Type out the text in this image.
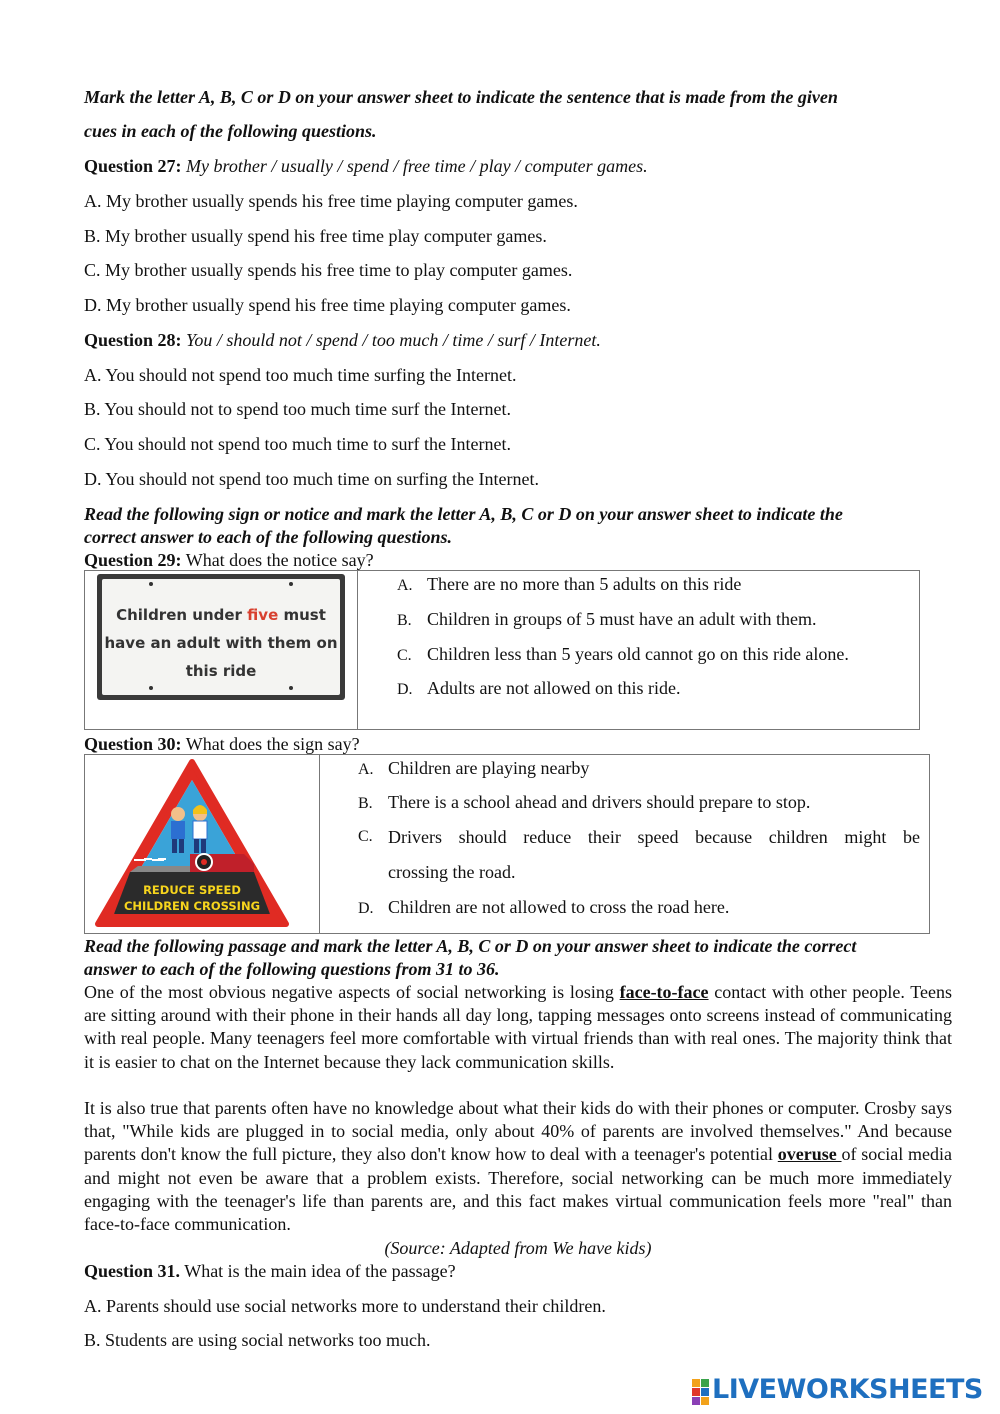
Mark the letter A, B, C or D on your answer sheet to indicate the sentence that is made from the given
cues in each of the following questions.
Question 27: My brother / usually / spend / free time / play / computer games.
A. My brother usually spends his free time playing computer games.
B. My brother usually spend his free time play computer games.
C. My brother usually spends his free time to play computer games.
D. My brother usually spend his free time playing computer games.
Question 28: You / should not / spend / too much / time / surf / Internet.
A. You should not spend too much time surfing the Internet.
B. You should not to spend too much time surf the Internet.
C. You should not spend too much time to surf the Internet.
D. You should not spend too much time on surfing the Internet.
Read the following sign or notice and mark the letter A, B, C or D on your answer sheet to indicate the
correct answer to each of the following questions.
Question 29: What does the notice say?
Children under five must
have an adult with them on
this ride
A. There are no more than 5 adults on this ride
B. Children in groups of 5 must have an adult with them.
C. Children less than 5 years old cannot go on this ride alone.
D. Adults are not allowed on this ride.
Question 30: What does the sign say?
REDUCE SPEED
CHILDREN CROSSING
A. Children are playing nearby
B. There is a school ahead and drivers should prepare to stop.
C. Drivers should reduce their speed because children might be
crossing the road.
D. Children are not allowed to cross the road here.
Read the following passage and mark the letter A, B, C or D on your answer sheet to indicate the correct
answer to each of the following questions from 31 to 36.
One of the most obvious negative aspects of social networking is losing face-to-face contact with other people. Teens are sitting around with their phone in their hands all day long, tapping messages onto screens instead of communicating with real people. Many teenagers feel more comfortable with virtual friends than with real ones. The majority think that it is easier to chat on the Internet because they lack communication skills.
It is also true that parents often have no knowledge about what their kids do with their phones or computer. Crosby says that, "While kids are plugged in to social media, only about 40% of parents are involved themselves." And because parents don't know the full picture, they also don't know how to deal with a teenager's potential overuse of social media and might not even be aware that a problem exists. Therefore, social networking can be much more immediately engaging with the teenager's life than parents are, and this fact makes virtual communication feels more "real" than face-to-face communication.
(Source: Adapted from We have kids)
Question 31. What is the main idea of the passage?
A. Parents should use social networks more to understand their children.
B. Students are using social networks too much.
LIVEWORKSHEETS
